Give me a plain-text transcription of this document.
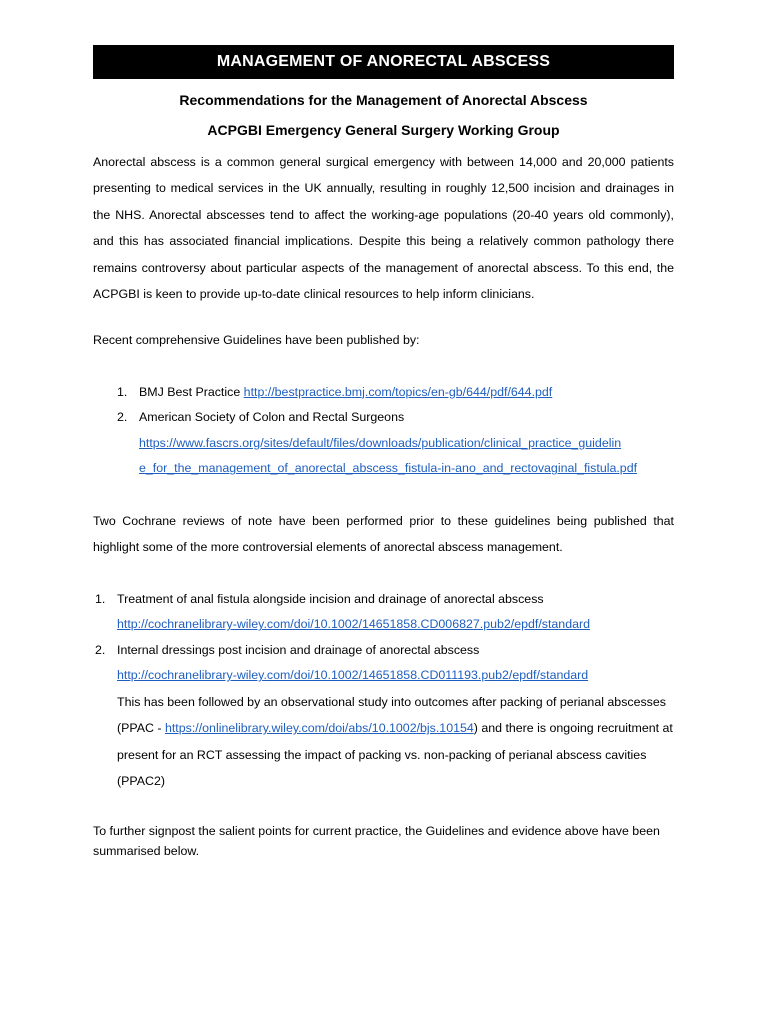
MANAGEMENT OF ANORECTAL ABSCESS
Recommendations for the Management of Anorectal Abscess
ACPGBI Emergency General Surgery Working Group

Anorectal abscess is a common general surgical emergency with between 14,000 and 20,000 patients presenting to medical services in the UK annually, resulting in roughly 12,500 incision and drainages in the NHS. Anorectal abscesses tend to affect the working-age populations (20-40 years old commonly), and this has associated financial implications. Despite this being a relatively common pathology there remains controversy about particular aspects of the management of anorectal abscess. To this end, the ACPGBI is keen to provide up-to-date clinical resources to help inform clinicians.

Recent comprehensive Guidelines have been published by:

1. BMJ Best Practice http://bestpractice.bmj.com/topics/en-gb/644/pdf/644.pdf
2. American Society of Colon and Rectal Surgeons
https://www.fascrs.org/sites/default/files/downloads/publication/clinical_practice_guidelin
e_for_the_management_of_anorectal_abscess_fistula-in-ano_and_rectovaginal_fistula.pdf

Two Cochrane reviews of note have been performed prior to these guidelines being published that highlight some of the more controversial elements of anorectal abscess management.

1. Treatment of anal fistula alongside incision and drainage of anorectal abscess
http://cochranelibrary-wiley.com/doi/10.1002/14651858.CD006827.pub2/epdf/standard
2. Internal dressings post incision and drainage of anorectal abscess
http://cochranelibrary-wiley.com/doi/10.1002/14651858.CD011193.pub2/epdf/standard
This has been followed by an observational study into outcomes after packing of perianal abscesses (PPAC - https://onlinelibrary.wiley.com/doi/abs/10.1002/bjs.10154) and there is ongoing recruitment at present for an RCT assessing the impact of packing vs. non-packing of perianal abscess cavities (PPAC2)

To further signpost the salient points for current practice, the Guidelines and evidence above have been summarised below.
